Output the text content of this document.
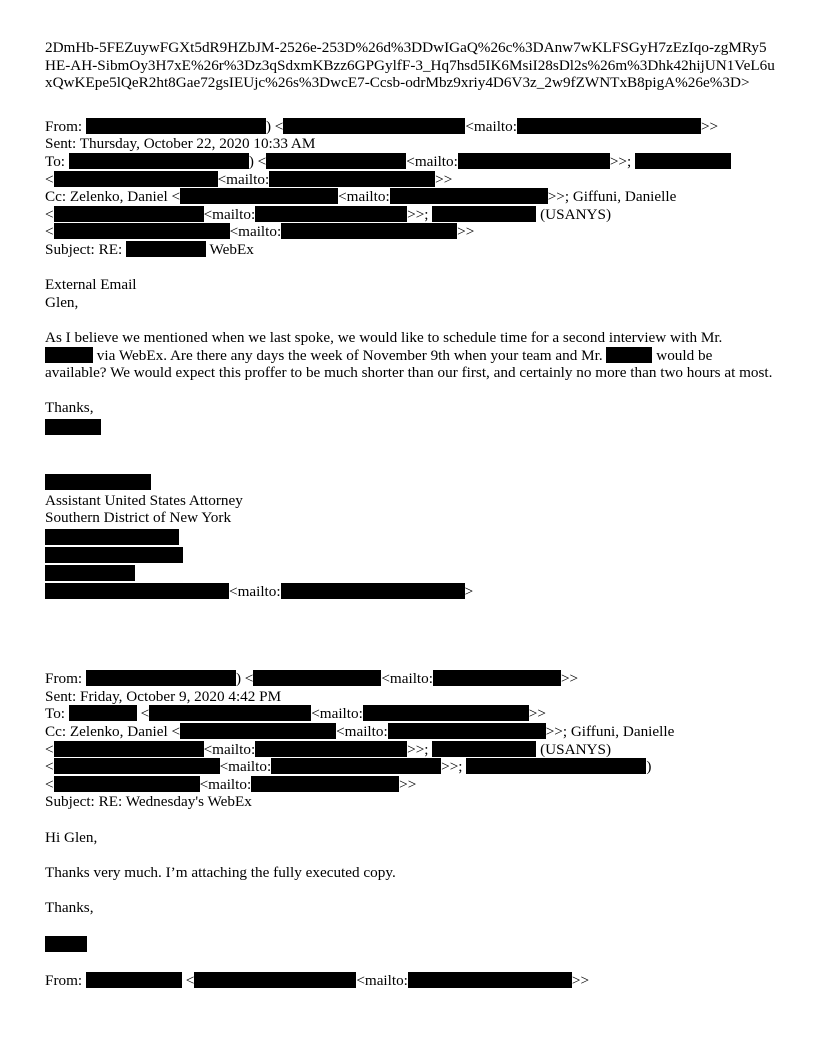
2DmHb-5FEZuywFGXt5dR9HZbJM-2526e-253D%26d%3DDwIGaQ%26c%3DAnw7wKLFSGyH7zEzIqo-zgMRy5HE-AH-SibmOy3H7xE%26r%3Dz3qSdxmKBzz6GPGylfF-3_Hq7hsd5IK6MsiI28sDl2s%26m%3Dhk42hijUN1VeL6uxQwKEpe5lQeR2ht8Gae72gsIEUjc%26s%3DwcE7-Ccsb-odrMbz9xriy4D6V3z_2w9fZWNTxB8pigA%26e%3D>
From:	) <	<mailto:	>>
Sent: Thursday, October 22, 2020 10:33 AM
To:	) <	<mailto:	>>;
<	<mailto:	>>
Cc: Zelenko, Daniel <	<mailto:	>>; Giffuni, Danielle
<	<mailto:	>>;	(USANYS)
<	<mailto:	>>
Subject: RE:	WebEx
External Email
Glen,

As I believe we mentioned when we last spoke, we would like to schedule time for a second interview with Mr.
via WebEx. Are there any days the week of November 9th when your team and Mr.	would be
available? We would expect this proffer to be much shorter than our first, and certainly no more than two hours at most.

Thanks,
Assistant United States Attorney
Southern District of New York
<mailto:	>
From:	) <	<mailto:	>>
Sent: Friday, October 9, 2020 4:42 PM
To:	<	<mailto:	>>
Cc: Zelenko, Daniel <	<mailto:	>>; Giffuni, Danielle
<	<mailto:	>>;	(USANYS)
<	<mailto:	>>;	)
<	<mailto:	>>
Subject: RE: Wednesday's WebEx
Hi Glen,
Thanks very much. I’m attaching the fully executed copy.
Thanks,
From:	<	<mailto:	>>
